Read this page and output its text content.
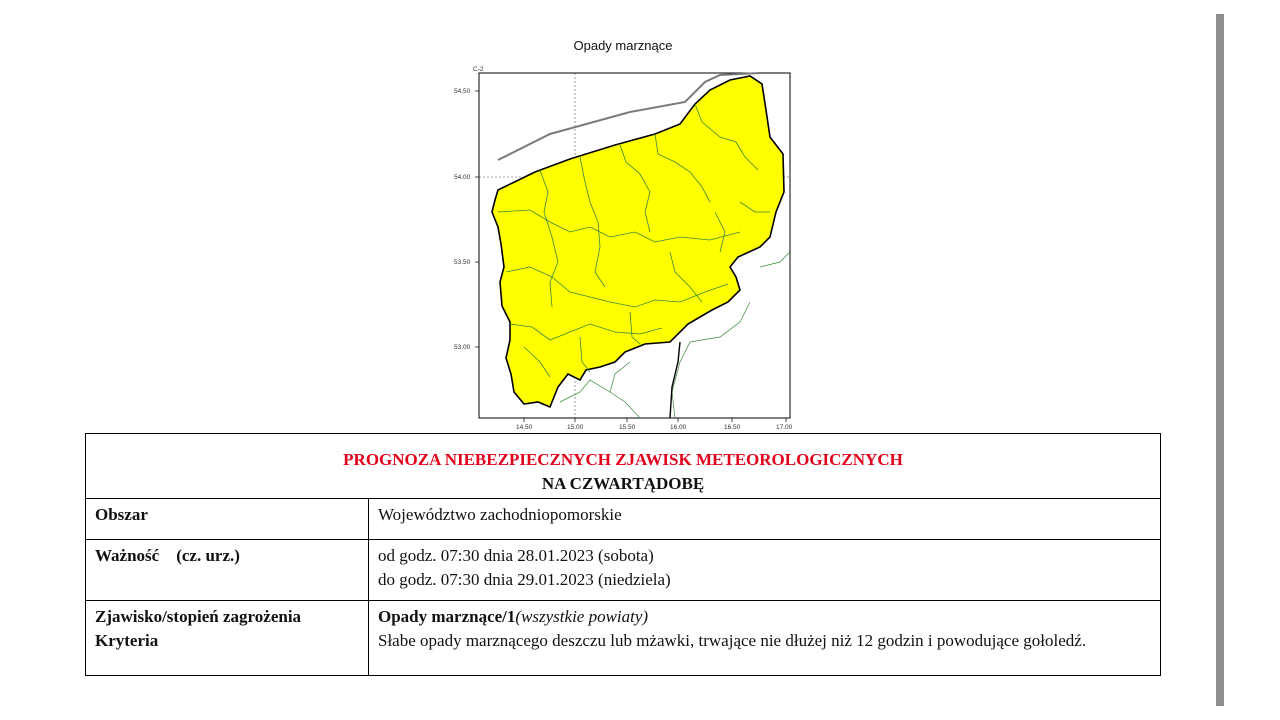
Opady marznące
C-2
14.50	15.00	15.50	16.00	16.50	17.00
54.50
54.00
53.50
53.00
PROGNOZA NIEBEZPIECZNYCH ZJAWISK METEOROLOGICZNYCH
NA CZWARTĄDOBĘ	
Obszar	Województwo zachodniopomorskie
Ważność    (cz. urz.)	od godz. 07:30 dnia 28.01.2023 (sobota)
do godz. 07:30 dnia 29.01.2023 (niedziela)

Zjawisko/stopień zagrożenia
Kryteria	Opady marznące/1(wszystkie powiaty)
Słabe opady marznącego deszczu lub mżawki, trwające nie dłużej niż 12 godzin i powodujące gołoledź.
